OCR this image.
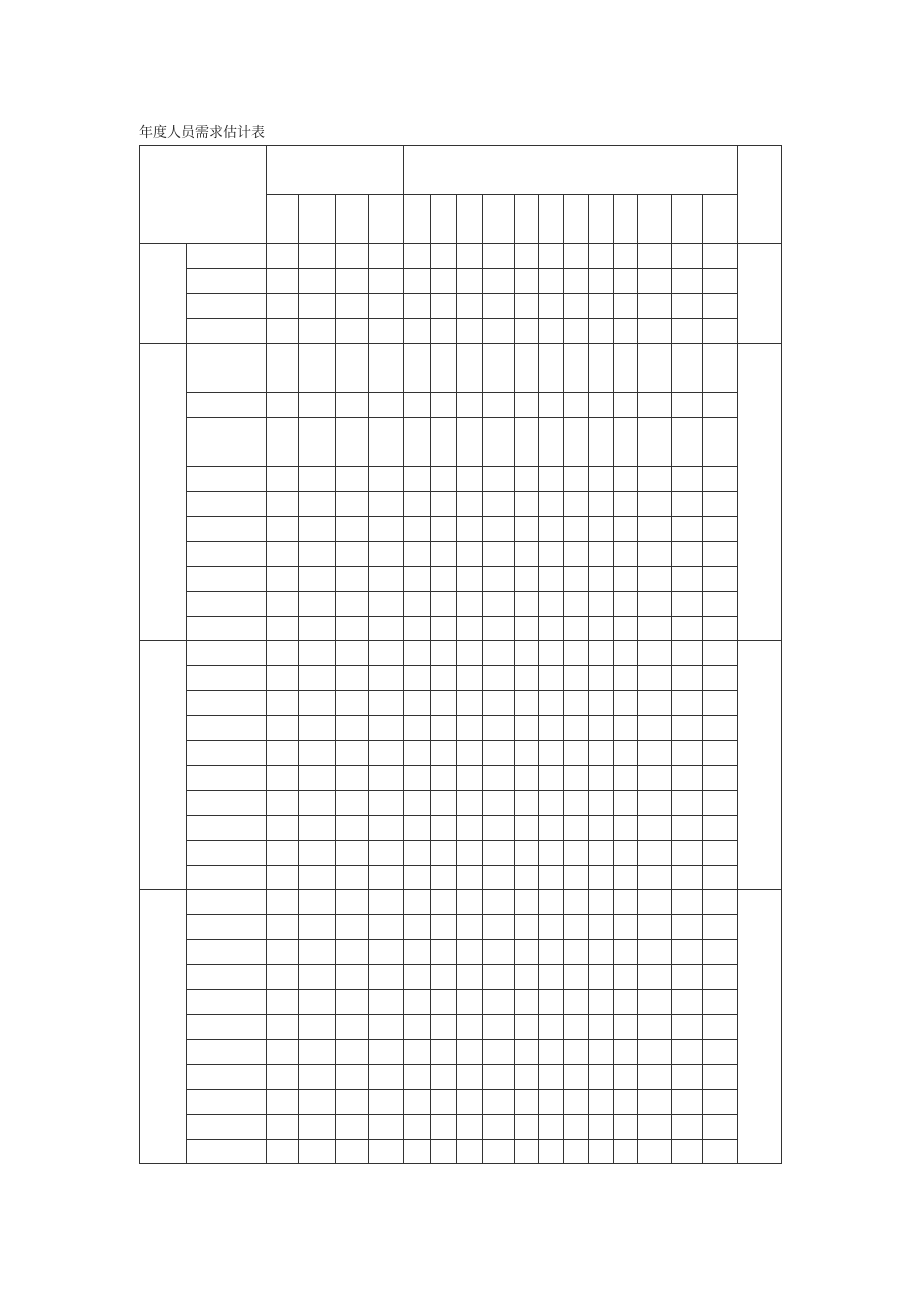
年度人员需求估计表
